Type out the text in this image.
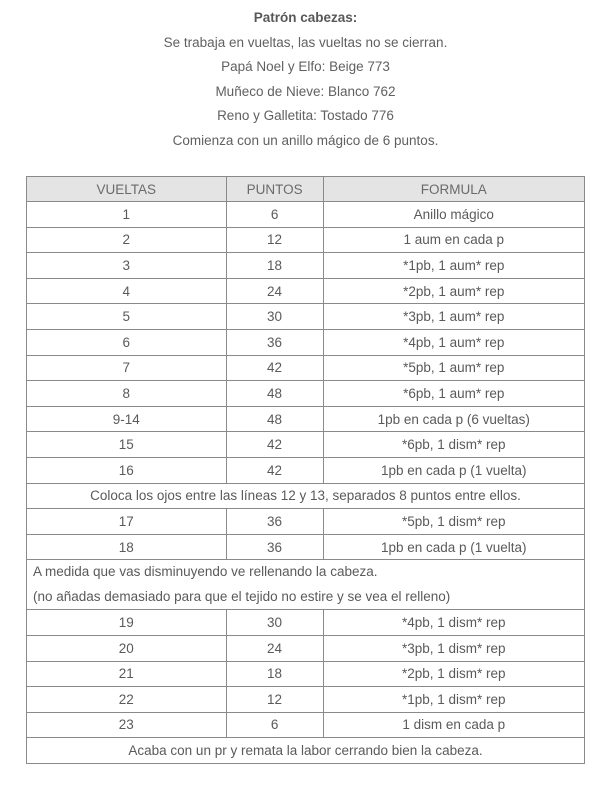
Patrón cabezas:

Se trabaja en vueltas, las vueltas no se cierran.

Papá Noel y Elfo: Beige 773

Muñeco de Nieve: Blanco 762

Reno y Galletita: Tostado 776

Comienza con un anillo mágico de 6 puntos.

VUELTAS	PUNTOS	FORMULA
1	6	Anillo mágico
2	12	1 aum en cada p
3	18	*1pb, 1 aum* rep
4	24	*2pb, 1 aum* rep
5	30	*3pb, 1 aum* rep
6	36	*4pb, 1 aum* rep
7	42	*5pb, 1 aum* rep
8	48	*6pb, 1 aum* rep
9-14	48	1pb en cada p (6 vueltas)
15	42	*6pb, 1 dism* rep
16	42	1pb en cada p (1 vuelta)
Coloca los ojos entre las líneas 12 y 13, separados 8 puntos entre ellos.		
17	36	*5pb, 1 dism* rep
18	36	1pb en cada p (1 vuelta)

A medida que vas disminuyendo ve rellenando la cabeza.
(no añadas demasiado para que el tejido no estire y se vea el relleno)		

19	30	*4pb, 1 dism* rep
20	24	*3pb, 1 dism* rep
21	18	*2pb, 1 dism* rep
22	12	*1pb, 1 dism* rep
23	6	1 dism en cada p
Acaba con un pr y remata la labor cerrando bien la cabeza.		
